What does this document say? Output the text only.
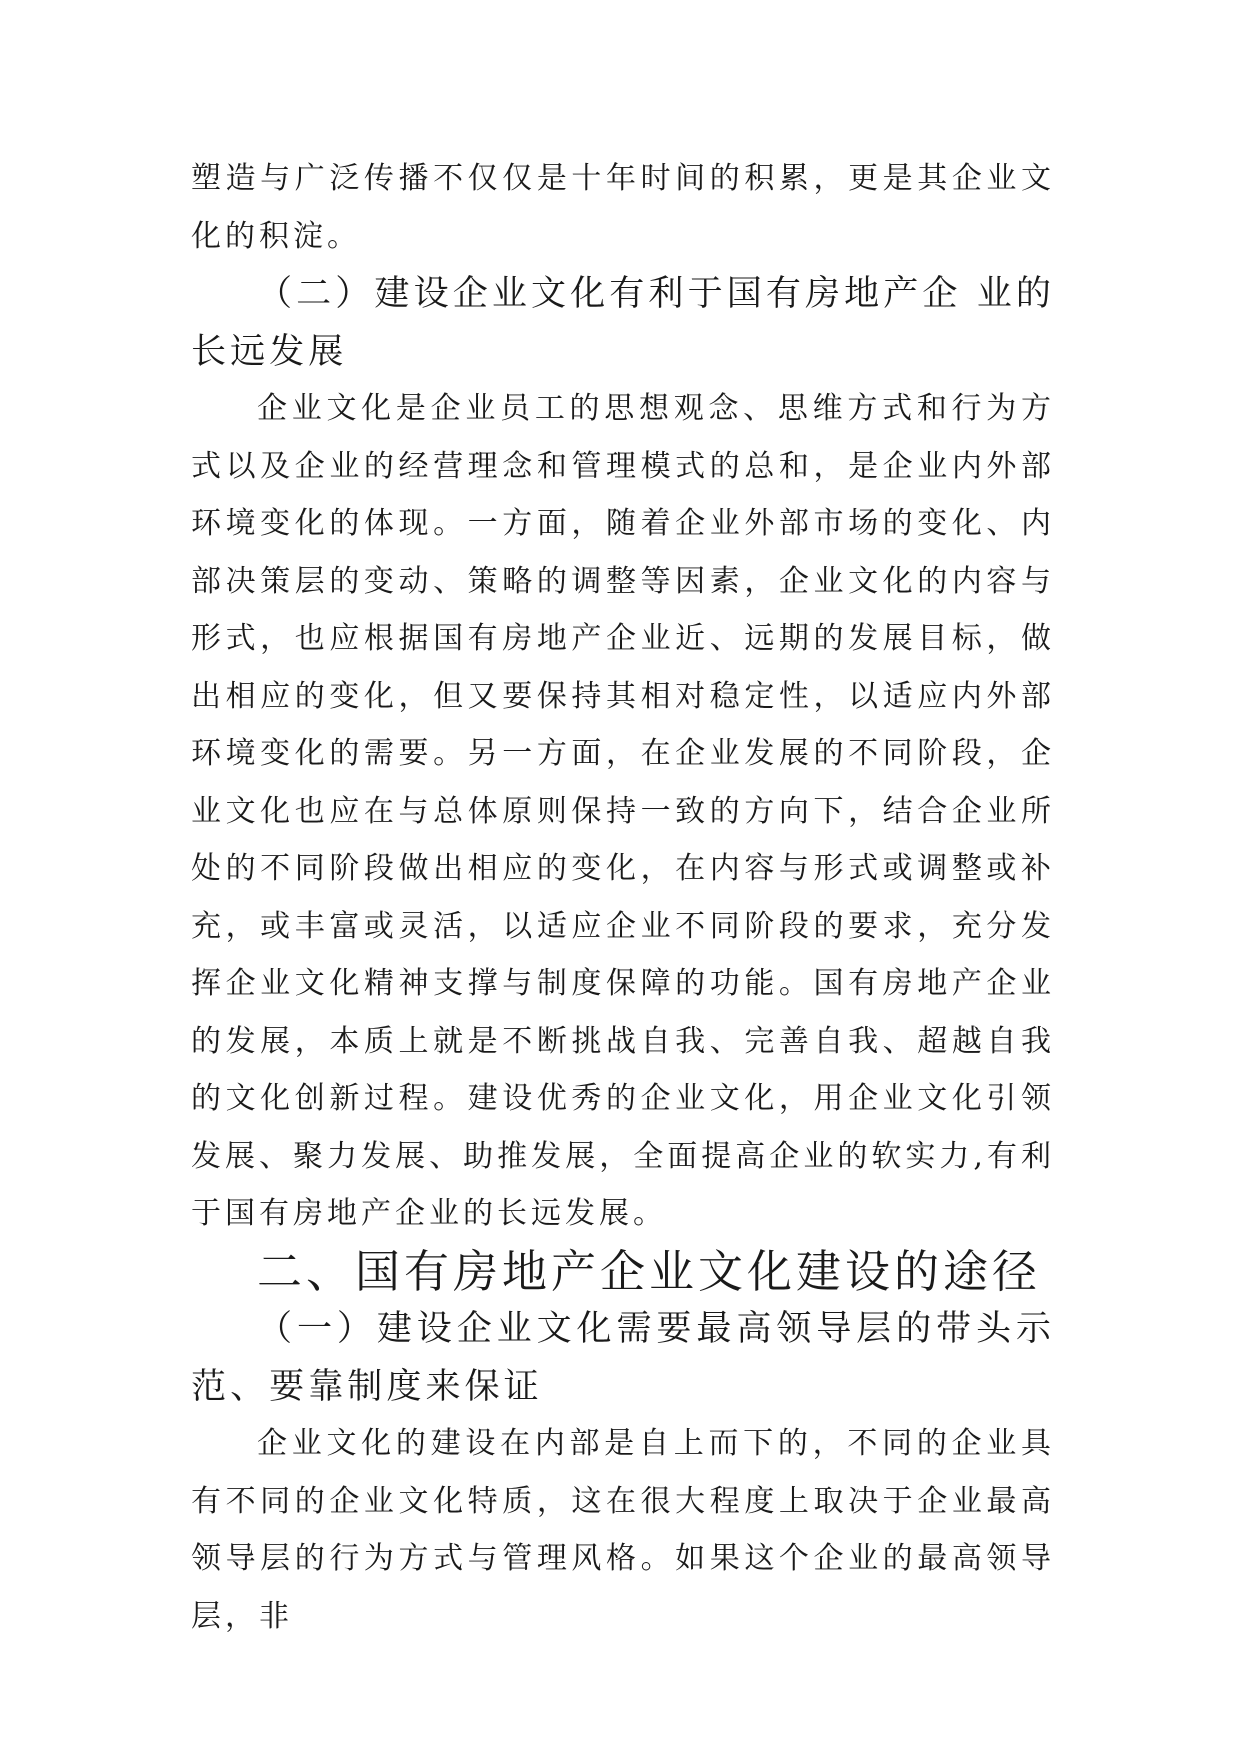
塑造与广泛传播不仅仅是十年时间的积累，更是其企业文化的积淀。

（二）建设企业文化有利于国有房地产企 业的长远发展

企业文化是企业员工的思想观念、思维方式和行为方式以及企业的经营理念和管理模式的总和，是企业内外部环境变化的体现。一方面，随着企业外部市场的变化、内部决策层的变动、策略的调整等因素，企业文化的内容与形式，也应根据国有房地产企业近、远期的发展目标，做出相应的变化，但又要保持其相对稳定性，以适应内外部环境变化的需要。另一方面，在企业发展的不同阶段，企业文化也应在与总体原则保持一致的方向下，结合企业所处的不同阶段做出相应的变化，在内容与形式或调整或补充，或丰富或灵活，以适应企业不同阶段的要求，充分发挥企业文化精神支撑与制度保障的功能。国有房地产企业的发展，本质上就是不断挑战自我、完善自我、超越自我的文化创新过程。建设优秀的企业文化，用企业文化引领发展、聚力发展、助推发展，全面提高企业的软实力,有利于国有房地产企业的长远发展。

二、国有房地产企业文化建设的途径
（一）建设企业文化需要最高领导层的带头示范、要靠制度来保证

企业文化的建设在内部是自上而下的，不同的企业具有不同的企业文化特质，这在很大程度上取决于企业最高领导层的行为方式与管理风格。如果这个企业的最高领导层，非
